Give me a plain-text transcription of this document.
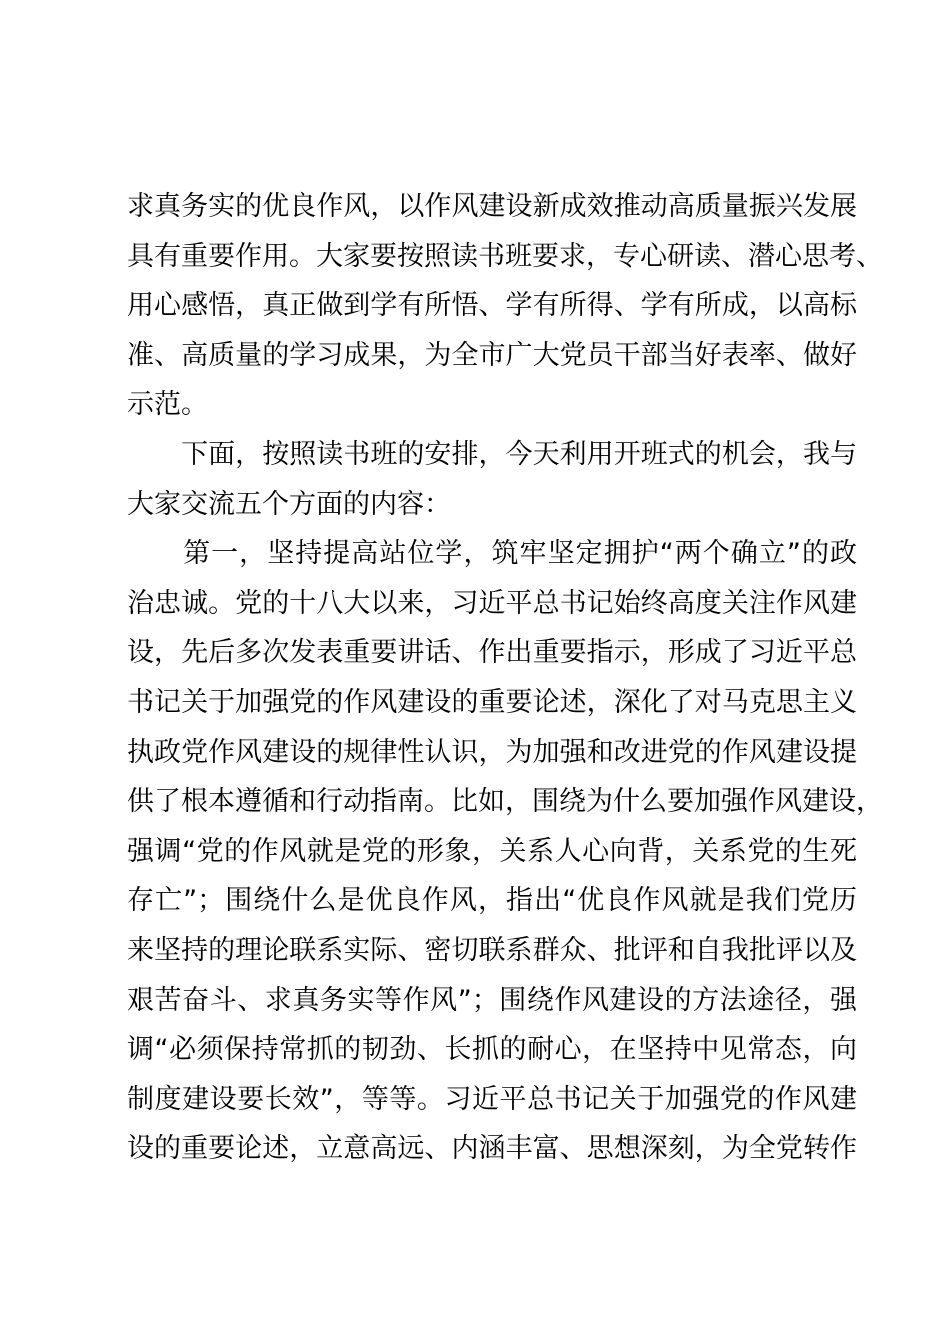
求真务实的优良作风，以作风建设新成效推动高质量振兴发展
具有重要作用。大家要按照读书班要求，专心研读、潜心思考、
用心感悟，真正做到学有所悟、学有所得、学有所成，以高标
准、高质量的学习成果，为全市广大党员干部当好表率、做好
示范。
　　下面，按照读书班的安排，今天利用开班式的机会，我与
大家交流五个方面的内容：
　　第一，坚持提高站位学，筑牢坚定拥护“两个确立”的政
治忠诚。党的十八大以来，习近平总书记始终高度关注作风建
设，先后多次发表重要讲话、作出重要指示，形成了习近平总
书记关于加强党的作风建设的重要论述，深化了对马克思主义
执政党作风建设的规律性认识，为加强和改进党的作风建设提
供了根本遵循和行动指南。比如，围绕为什么要加强作风建设，
强调“党的作风就是党的形象，关系人心向背，关系党的生死
存亡”；围绕什么是优良作风，指出“优良作风就是我们党历
来坚持的理论联系实际、密切联系群众、批评和自我批评以及
艰苦奋斗、求真务实等作风”；围绕作风建设的方法途径，强
调“必须保持常抓的韧劲、长抓的耐心，在坚持中见常态，向
制度建设要长效”，等等。习近平总书记关于加强党的作风建
设的重要论述，立意高远、内涵丰富、思想深刻，为全党转作
